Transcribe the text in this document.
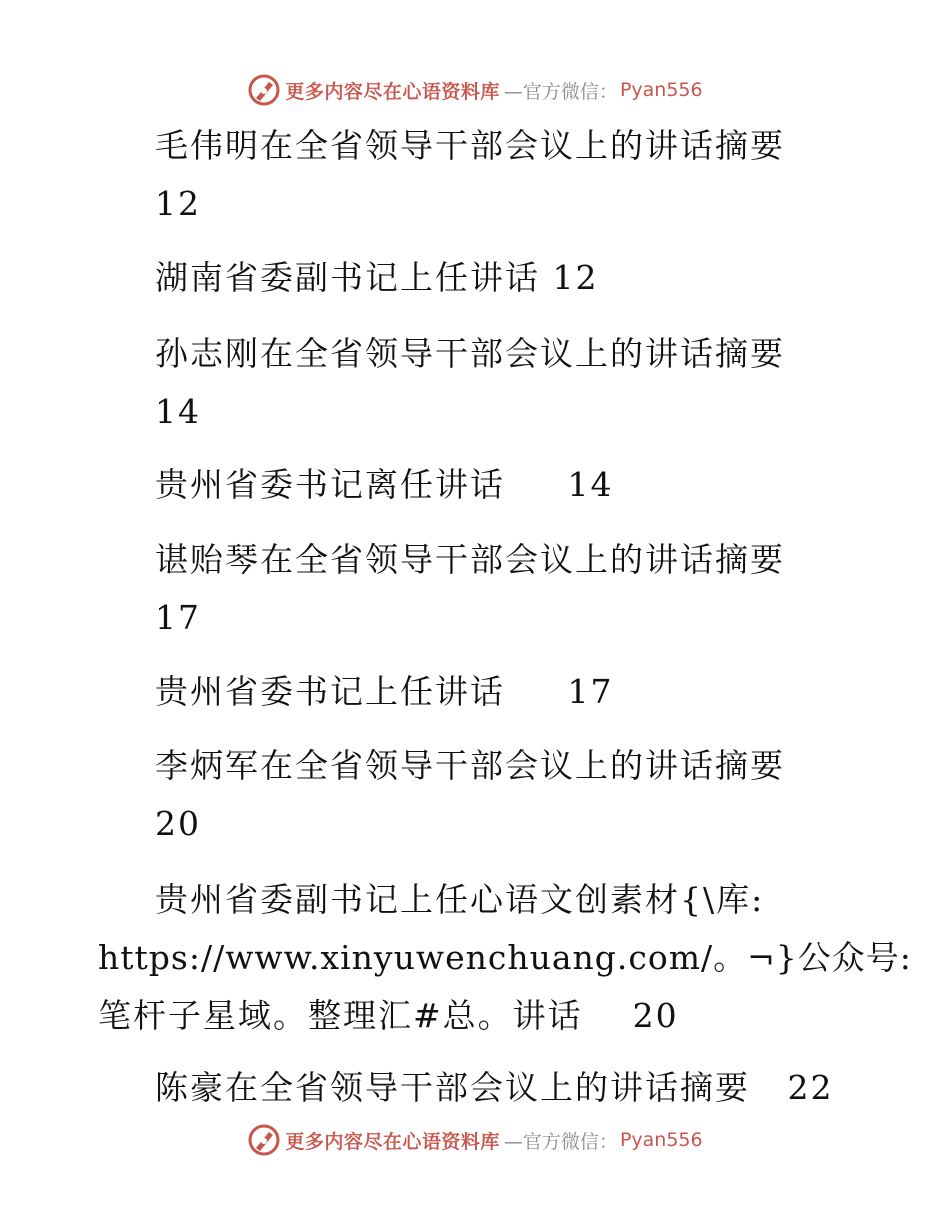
更多内容尽在心语资料库 —官方微信： Pyan556
毛伟明在全省领导干部会议上的讲话摘要
12
湖南省委副书记上任讲话 12
孙志刚在全省领导干部会议上的讲话摘要
14
贵州省委书记离任讲话 14
谌贻琴在全省领导干部会议上的讲话摘要
17
贵州省委书记上任讲话 17
李炳军在全省领导干部会议上的讲话摘要
20
贵州省委副书记上任心语文创素材{\库:
https://www.xinyuwenchuang.com/。¬}公众号:
笔杆子星域。整理汇#总。讲话 20
陈豪在全省领导干部会议上的讲话摘要 22
更多内容尽在心语资料库 —官方微信： Pyan556
